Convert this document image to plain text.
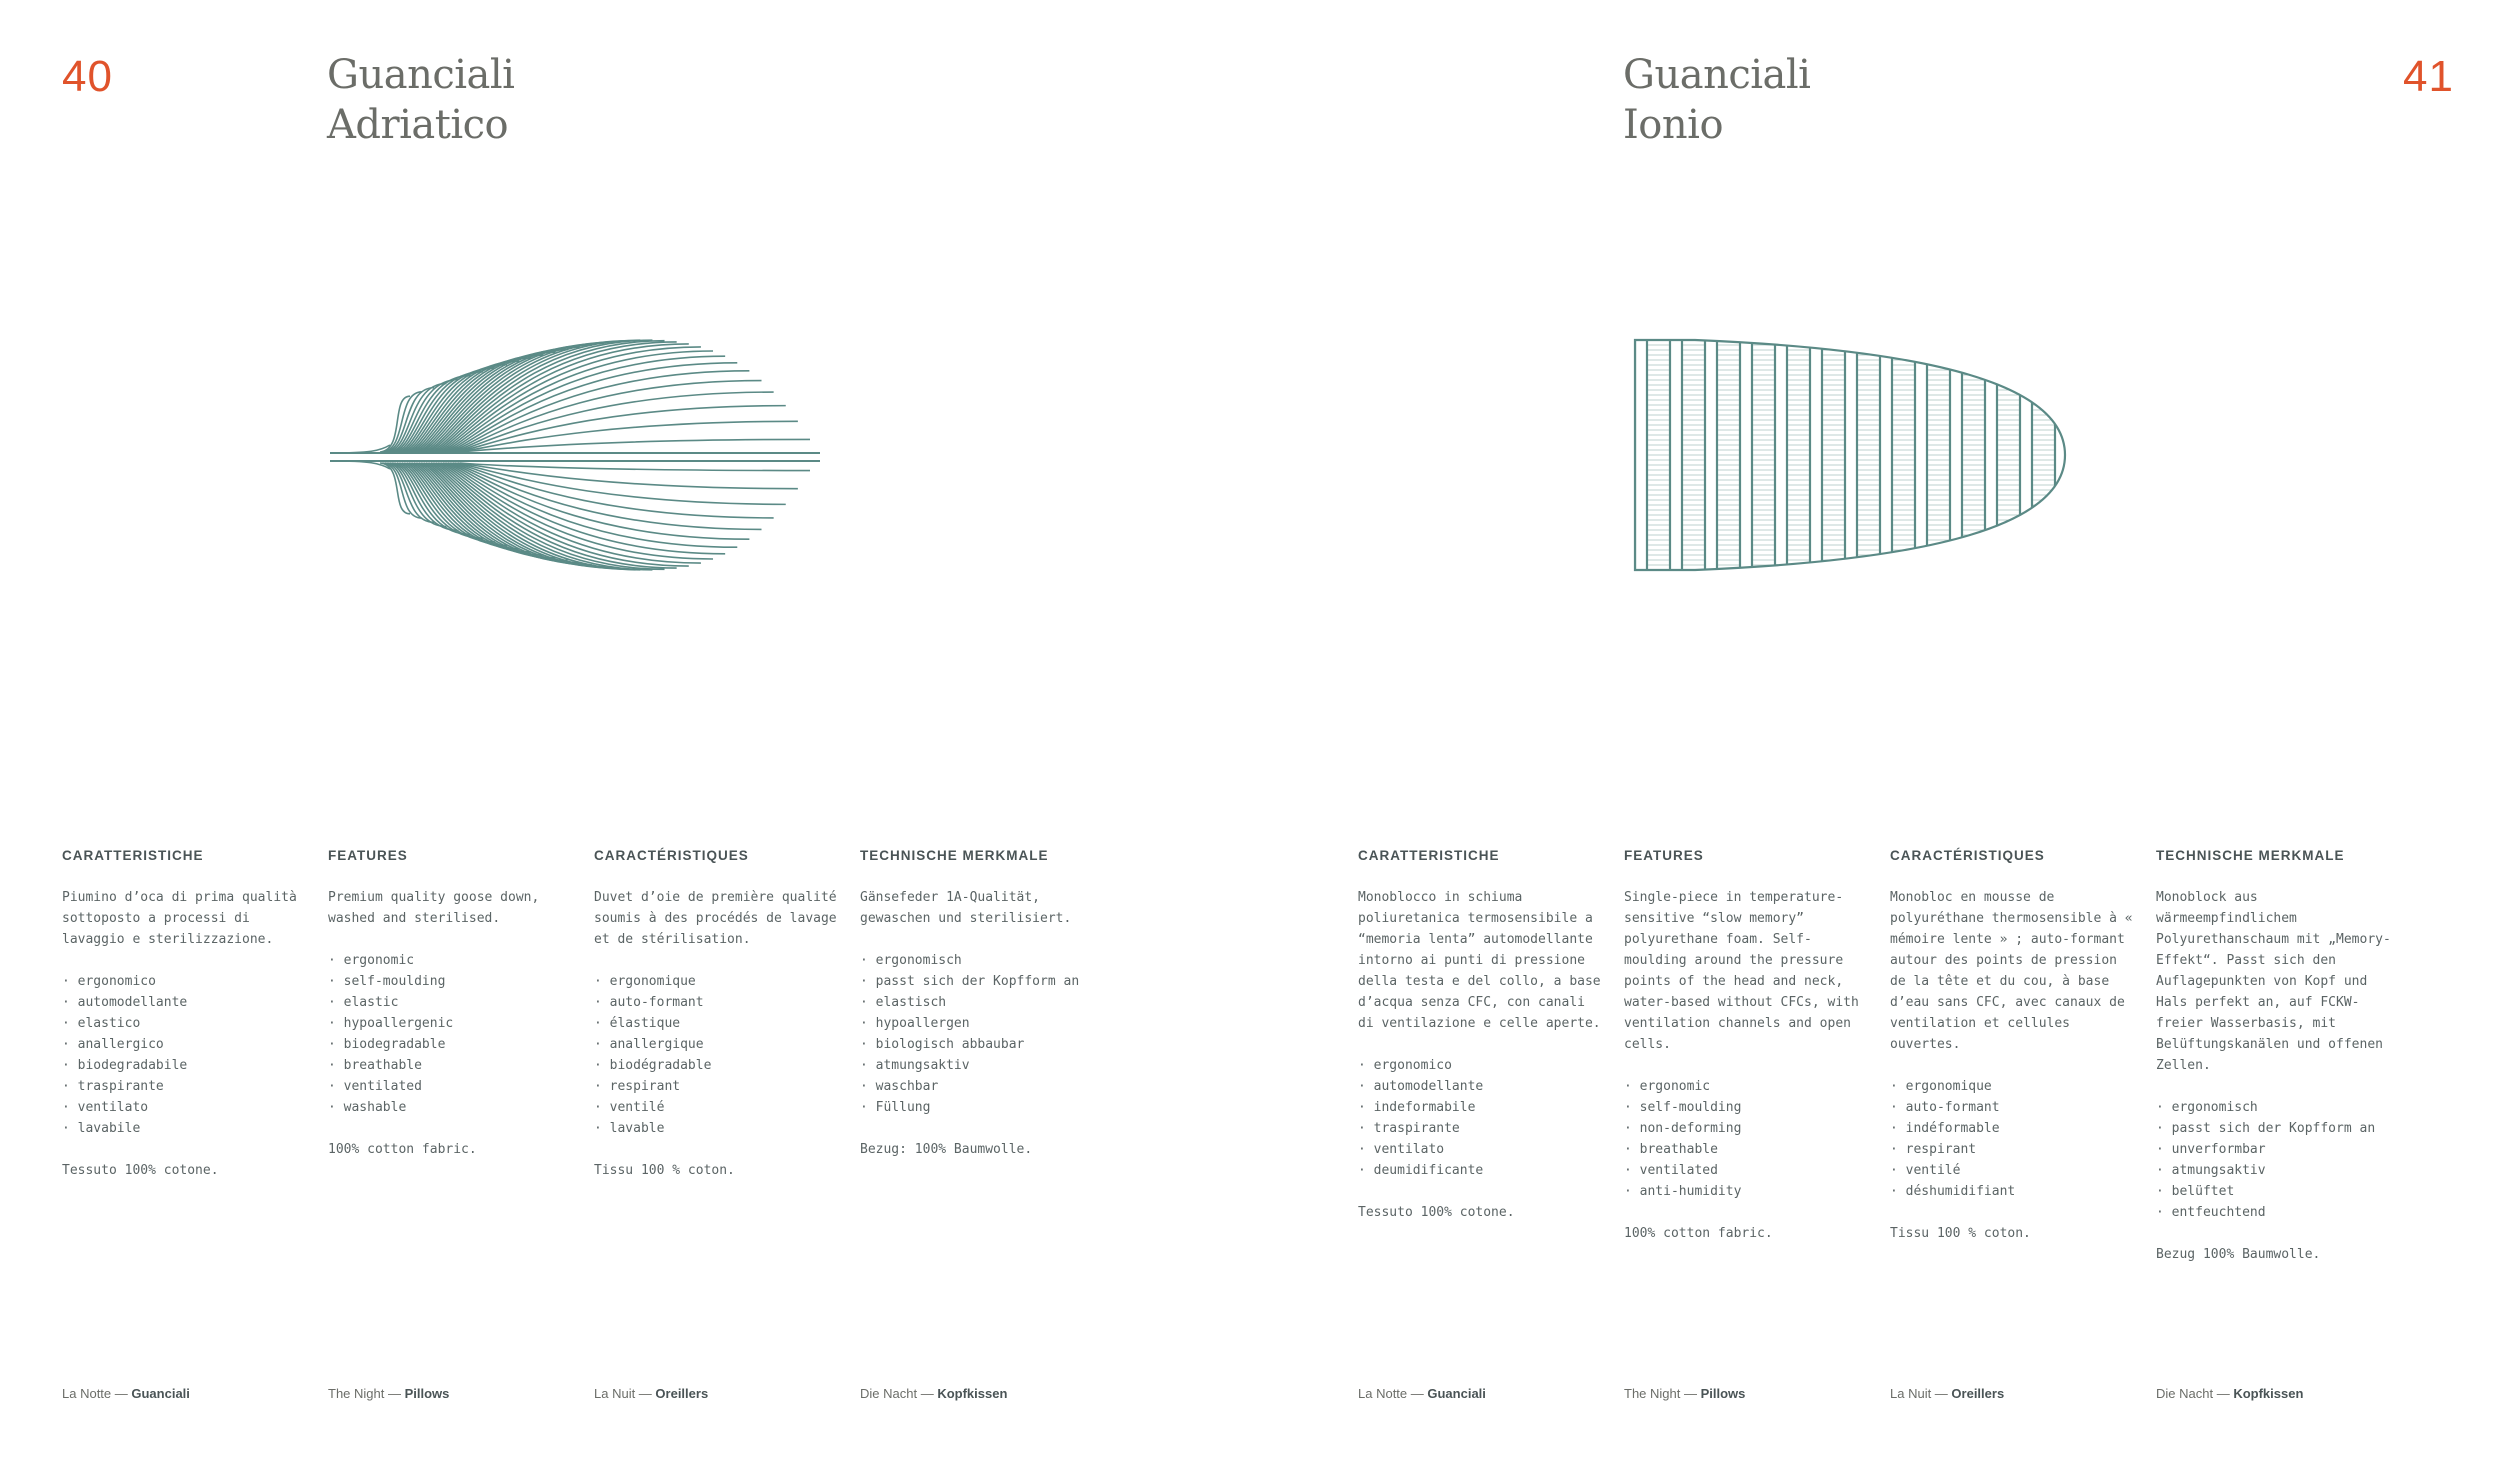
40	Guanciali
Adriatico
41
Guanciali
Ionio
CARATTERISTICHE
Piumino d’oca di prima qualità sottoposto a processi di lavaggio e sterilizzazione.
· ergonomico
· automodellante
· elastico
· anallergico
· biodegradabile
· traspirante
· ventilato
· lavabile
Tessuto 100% cotone.
FEATURES
Premium quality goose down, washed and sterilised.
· ergonomic
· self-moulding
· elastic
· hypoallergenic
· biodegradable
· breathable
· ventilated
· washable
100% cotton fabric.
CARACTÉRISTIQUES
Duvet d’oie de première qualité soumis à des procédés de lavage et de stérilisation.
· ergonomique
· auto-formant
· élastique
· anallergique
· biodégradable
· respirant
· ventilé
· lavable
Tissu 100 % coton.
TECHNISCHE MERKMALE
Gänsefeder 1A-Qualität, gewaschen und sterilisiert.
· ergonomisch
· passt sich der Kopfform an
· elastisch
· hypoallergen
· biologisch abbaubar
· atmungsaktiv
· waschbar
· Füllung
Bezug: 100% Baumwolle.
CARATTERISTICHE
Monoblocco in schiuma poliuretanica termosensibile a “memoria lenta” automodellante intorno ai punti di pressione della testa e del collo, a base d’acqua senza CFC, con canali di ventilazione e celle aperte.
· ergonomico
· automodellante
· indeformabile
· traspirante
· ventilato
· deumidificante
Tessuto 100% cotone.
FEATURES
Single-piece in temperature-sensitive “slow memory” polyurethane foam. Self-moulding around the pressure points of the head and neck, water-based without CFCs, with ventilation channels and open cells.
· ergonomic
· self-moulding
· non-deforming
· breathable
· ventilated
· anti-humidity
100% cotton fabric.
CARACTÉRISTIQUES
Monobloc en mousse de polyuréthane thermosensible à « mémoire lente » ; auto-formant autour des points de pression de la tête et du cou, à base d’eau sans CFC, avec canaux de ventilation et cellules ouvertes.
· ergonomique
· auto-formant
· indéformable
· respirant
· ventilé
· déshumidifiant
Tissu 100 % coton.
TECHNISCHE MERKMALE
Monoblock aus wärmeempfindlichem Polyurethanschaum mit „Memory-Effekt“. Passt sich den Auflagepunkten von Kopf und Hals perfekt an, auf FCKW-freier Wasserbasis, mit Belüftungskanälen und offenen Zellen.
· ergonomisch
· passt sich der Kopfform an
· unverformbar
· atmungsaktiv
· belüftet
· entfeuchtend
Bezug 100% Baumwolle.
La Notte — Guanciali	The Night — Pillows	La Nuit — Oreillers	Die Nacht — Kopfkissen	La Notte — Guanciali	The Night — Pillows	La Nuit — Oreillers	Die Nacht — Kopfkissen
